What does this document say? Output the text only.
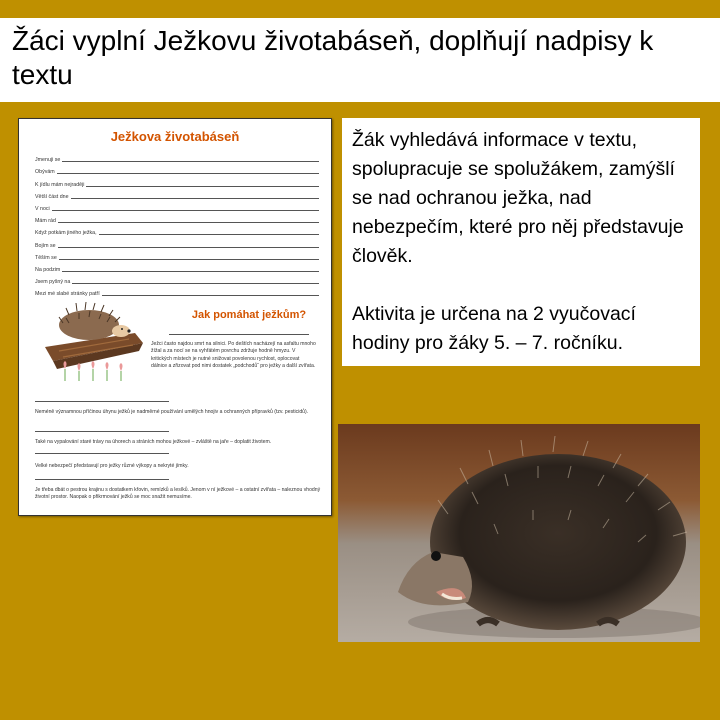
Žáci vyplní Ježkovu životabáseň, doplňují nadpisy k textu
Ježkova životabáseň
Jmenuji se
Obývám
K jídlu mám nejraději
Větší část dne
V noci
Mám rád
Když potkám jiného ježka,
Bojím se
Těším se
Na podzim
Jsem pyšný na
Mezi mé slabé stránky patří
Jak pomáhat ježkům?
Ježci často najdou smrt na silnici. Po deštích nacházejí na asfaltu mnoho žížal a za nocí se na vyhřátém povrchu zdržuje hodně hmyzu. V kritických místech je nutné snižovat povolenou rychlost, oplocovat dálnice a zřizovat pod nimi dostatek „podchodů“ pro ježky a další zvířata.
Neméně významnou příčinou úhynu ježků je nadměrné používání umělých hnojiv a ochranných přípravků (tzv. pesticidů).
Také na vypalování staré trávy na úhorech a stráních mohou ježkové – zvláště na jaře – doplatit životem.
Velké nebezpečí představují pro ježky různé výkopy a nekryté jímky.
Je třeba dbát o pestrou krajinu s dostatkem křovin, remízků a lesíků. Jenom v ní ježkové – a ostatní zvířata – naleznou vhodný životní prostor. Naopak o přikrmování ježků se moc snažit nemusíme.
Žák vyhledává informace v textu, spolupracuje se spolužákem, zamýšlí se nad ochranou ježka, nad nebezpečím, které pro něj představuje člověk.
Aktivita je určena na 2 vyučovací hodiny pro žáky 5. – 7. ročníku.
